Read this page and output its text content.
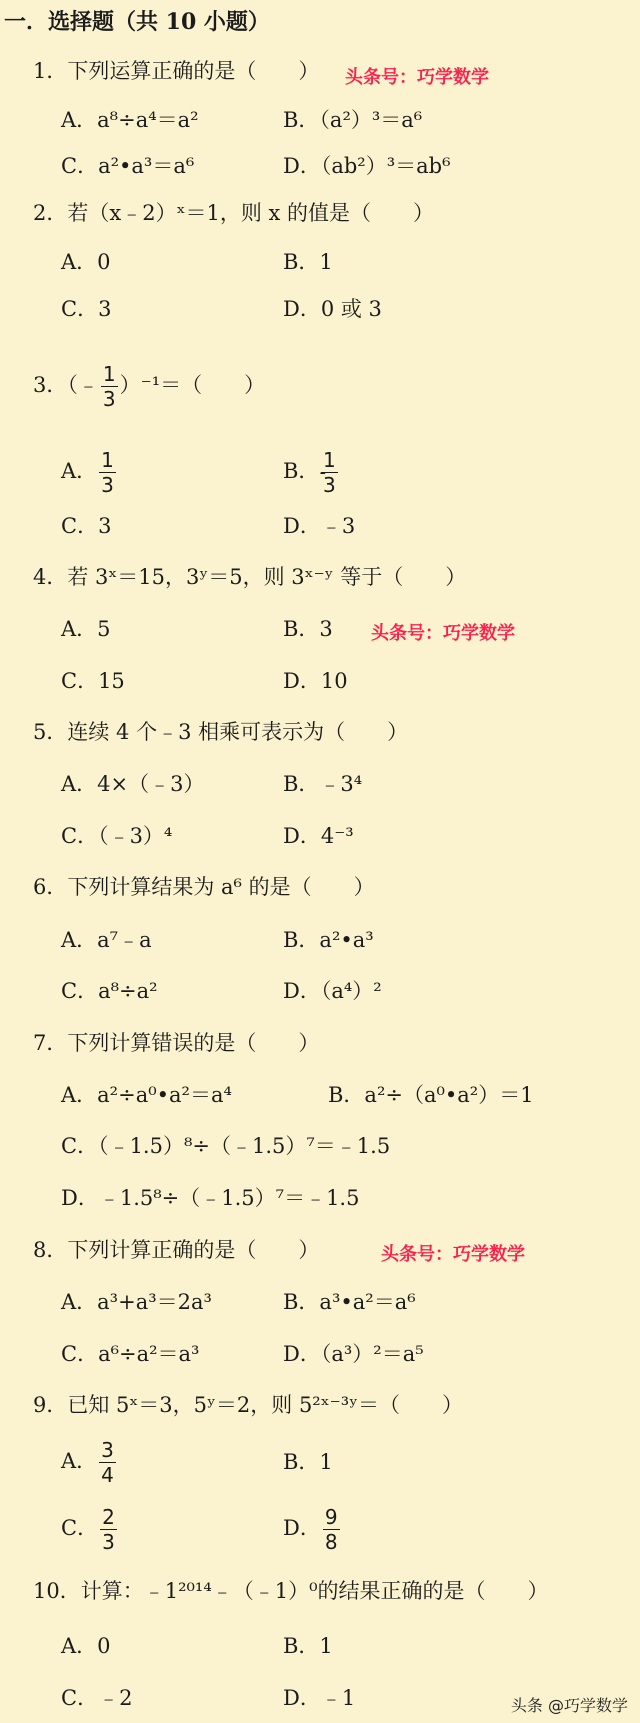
一．选择题（共 10 小题）
1．下列运算正确的是（　　） 头条号：巧学数学
A．a⁸÷a⁴＝a²	B．（a²）³＝a⁶
C．a²•a³＝a⁶	D．（ab²）³＝ab⁶
2．若（x﹣2）ˣ＝1，则 x 的值是（　　）
A．0	B．1
C．3	D．0 或 3
3．（﹣ $\frac{1}{3} )^{-1}=$（　　）
A． $\frac{1}{3}$	B．-
$\frac{1}{3}$
C．3	D．﹣3
4．若 3ˣ＝15，3ʸ＝5，则 3ˣ⁻ʸ 等于（　　）
A．5	B．3 头条号：巧学数学
C．15	D．10
5．连续 4 个﹣3 相乘可表示为（　　）
A．4×（﹣3）	B．﹣3⁴
C．（﹣3）⁴	D．4⁻³
6．下列计算结果为 a⁶ 的是（　　）
A．a⁷﹣a	B．a²•a³
C．a⁸÷a²	D．（a⁴）²
7．下列计算错误的是（　　）
A．a²÷a⁰•a²＝a⁴	B．a²÷（a⁰•a²）＝1
C．（﹣1.5）⁸÷（﹣1.5）⁷＝﹣1.5
D．﹣1.5⁸÷（﹣1.5）⁷＝﹣1.5
8．下列计算正确的是（　　）	头条号：巧学数学
A．a³+a³＝2a³	B．a³•a²＝a⁶
C．a⁶÷a²＝a³	D．（a³）²＝a⁵
9．已知 5ˣ＝3，5ʸ＝2，则 5²ˣ⁻³ʸ＝（　　）
A． $\frac{3}{4}$	B．1
C． $\frac{2}{3}$	D． $\frac{9}{8}$
10．计算：﹣1²⁰¹⁴﹣（﹣1）⁰的结果正确的是（　　）
A．0	B．1
C．﹣2	D．﹣1	头条 @巧学数学
